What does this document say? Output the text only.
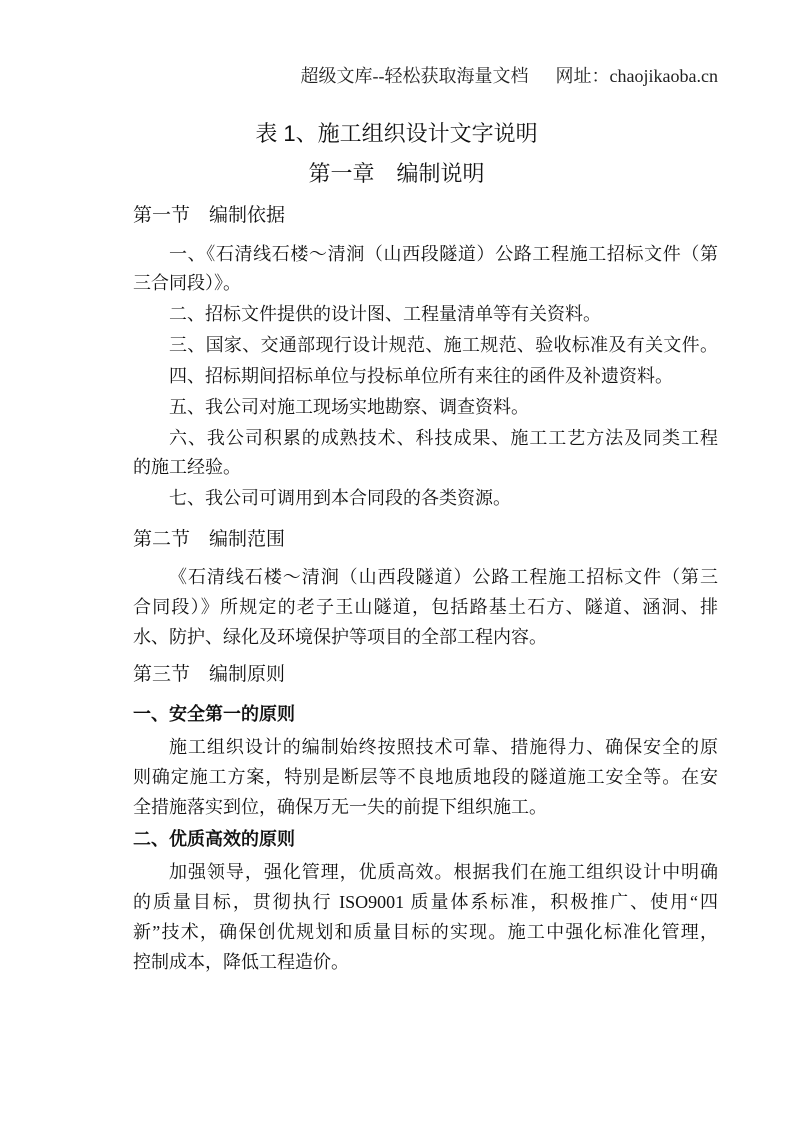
超级文库--轻松获取海量文档 网址：chaojikaoba.cn
表 1、施工组织设计文字说明
第一章　编制说明
第一节　编制依据
一、《石清线石楼～清涧（山西段隧道）公路工程施工招标文件（第
三合同段）》。
二、招标文件提供的设计图、工程量清单等有关资料。
三、国家、交通部现行设计规范、施工规范、验收标准及有关文件。
四、招标期间招标单位与投标单位所有来往的函件及补遗资料。
五、我公司对施工现场实地勘察、调查资料。
六、我公司积累的成熟技术、科技成果、施工工艺方法及同类工程
的施工经验。
七、我公司可调用到本合同段的各类资源。
第二节　编制范围
《石清线石楼～清涧（山西段隧道）公路工程施工招标文件（第三
合同段）》所规定的老子王山隧道，包括路基土石方、隧道、涵洞、排
水、防护、绿化及环境保护等项目的全部工程内容。
第三节　编制原则
一、安全第一的原则
施工组织设计的编制始终按照技术可靠、措施得力、确保安全的原
则确定施工方案，特别是断层等不良地质地段的隧道施工安全等。在安
全措施落实到位，确保万无一失的前提下组织施工。
二、优质高效的原则
加强领导，强化管理，优质高效。根据我们在施工组织设计中明确
的质量目标，贯彻执行 ISO9001 质量体系标准，积极推广、使用“四
新”技术，确保创优规划和质量目标的实现。施工中强化标准化管理，
控制成本，降低工程造价。
